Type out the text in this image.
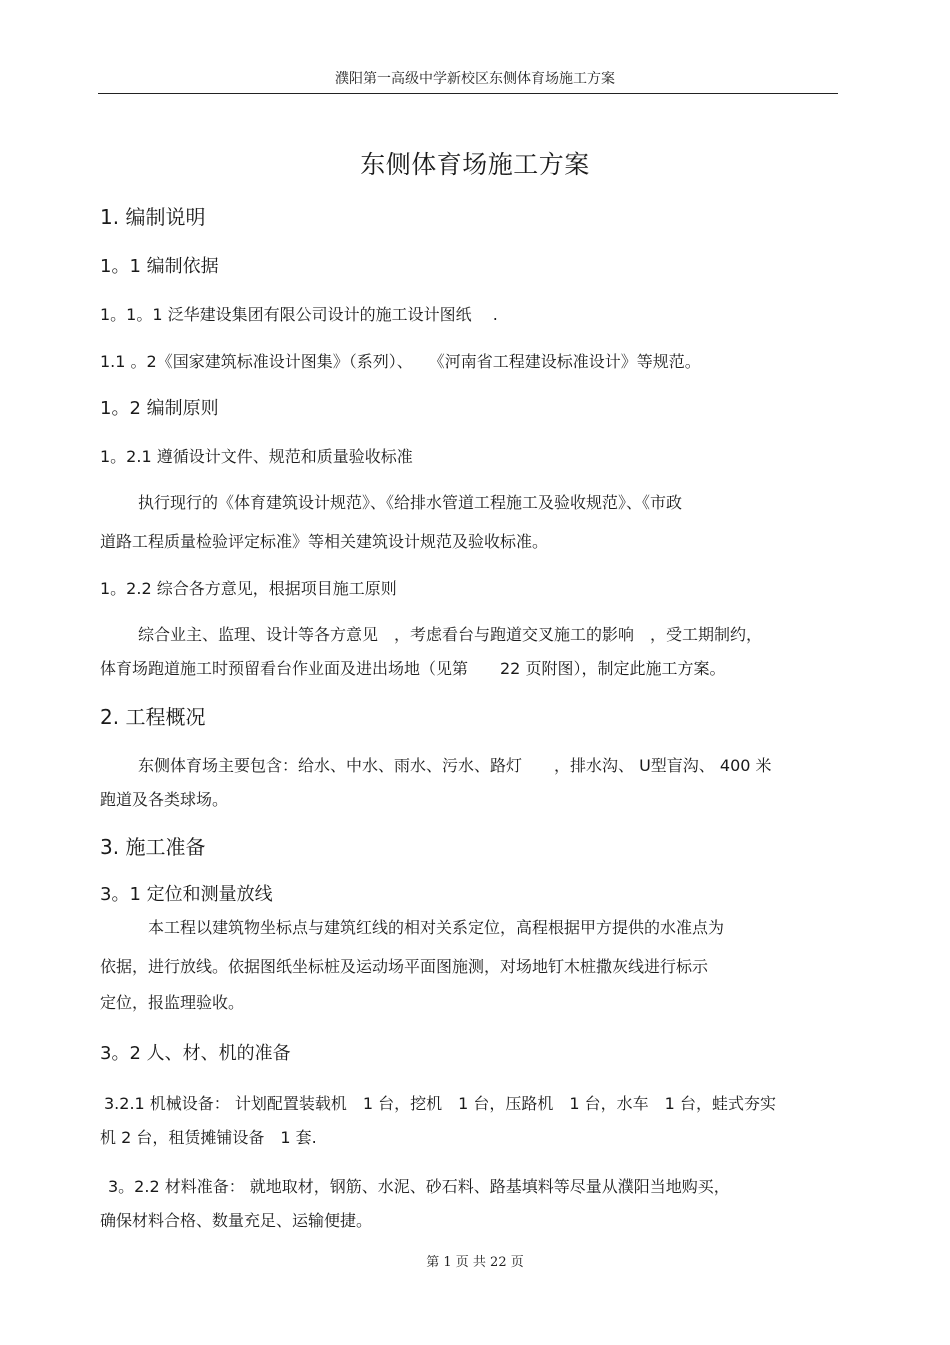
濮阳第一高级中学新校区东侧体育场施工方案
东侧体育场施工方案
1. 编制说明
1。1 编制依据
1。1。1 泛华建设集团有限公司设计的施工设计图纸　 .
1.1 。2《国家建筑标准设计图集》（系列）、　　《河南省工程建设标准设计》等规范。
1。2 编制原则
1。2.1 遵循设计文件、规范和质量验收标准
执行现行的《体育建筑设计规范》、《给排水管道工程施工及验收规范》、《市政
道路工程质量检验评定标准》等相关建筑设计规范及验收标准。
1。2.2 综合各方意见，根据项目施工原则
综合业主、监理、设计等各方意见　，考虑看台与跑道交叉施工的影响　，受工期制约，
体育场跑道施工时预留看台作业面及进出场地（见第　　22 页附图），制定此施工方案。
2. 工程概况
东侧体育场主要包含：给水、中水、雨水、污水、路灯　　，排水沟、 U型盲沟、 400 米
跑道及各类球场。
3. 施工准备
3。1 定位和测量放线
本工程以建筑物坐标点与建筑红线的相对关系定位，高程根据甲方提供的水准点为
依据，进行放线。依据图纸坐标桩及运动场平面图施测，对场地钉木桩撒灰线进行标示
定位，报监理验收。
3。2 人、材、机的准备
3.2.1 机械设备： 计划配置装载机　1 台，挖机　1 台，压路机　1 台，水车　1 台，蛙式夯实
机 2 台，租赁摊铺设备　1 套.
3。2.2 材料准备： 就地取材，钢筋、水泥、砂石料、路基填料等尽量从濮阳当地购买，
确保材料合格、数量充足、运输便捷。
第 1 页 共 22 页
